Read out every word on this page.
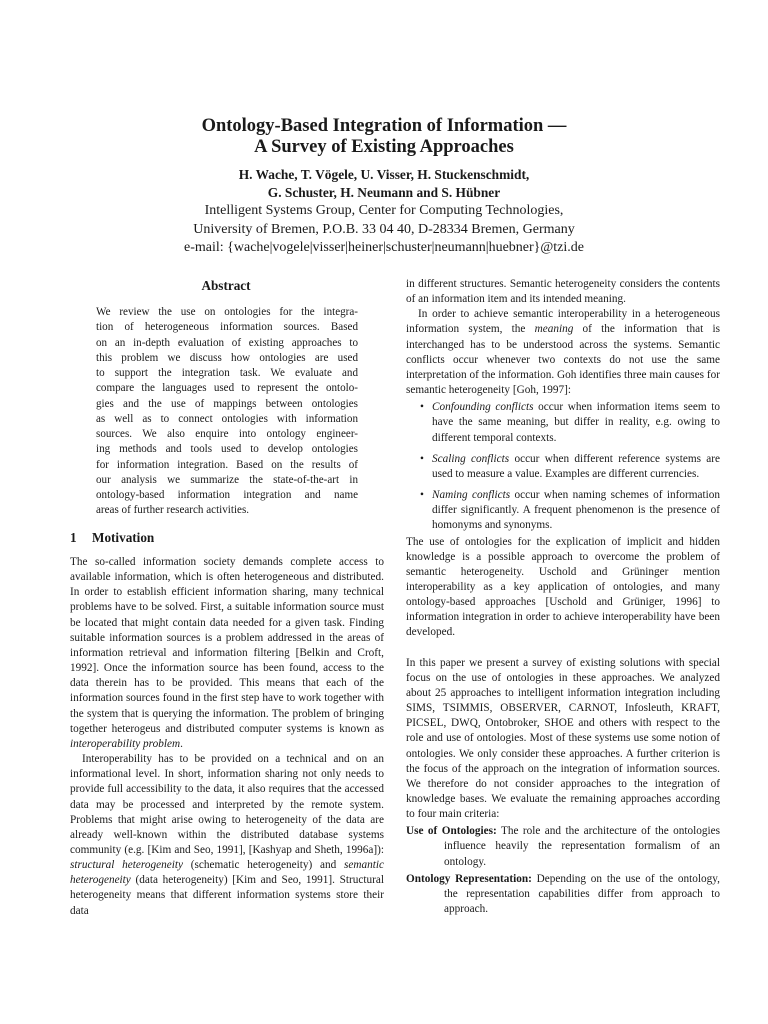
Ontology-Based Integration of Information —
A Survey of Existing Approaches
H. Wache, T. Vögele, U. Visser, H. Stuckenschmidt,
G. Schuster, H. Neumann and S. Hübner
Intelligent Systems Group, Center for Computing Technologies,
University of Bremen, P.O.B. 33 04 40, D-28334 Bremen, Germany
e-mail: {wache|vogele|visser|heiner|schuster|neumann|huebner}@tzi.de
Abstract
We review the use on ontologies for the integra-
tion of heterogeneous information sources. Based
on an in-depth evaluation of existing approaches to
this problem we discuss how ontologies are used
to support the integration task. We evaluate and
compare the languages used to represent the ontolo-
gies and the use of mappings between ontologies
as well as to connect ontologies with information
sources. We also enquire into ontology engineer-
ing methods and tools used to develop ontologies
for information integration. Based on the results of
our analysis we summarize the state-of-the-art in
ontology-based information integration and name
areas of further research activities.
1 Motivation

The so-called information society demands complete access to available information, which is often heterogeneous and distributed. In order to establish efficient information sharing, many technical problems have to be solved. First, a suitable information source must be located that might contain data needed for a given task. Finding suitable information sources is a problem addressed in the areas of information retrieval and information filtering [Belkin and Croft, 1992]. Once the information source has been found, access to the data therein has to be provided. This means that each of the information sources found in the first step have to work together with the system that is querying the information. The problem of bringing together heterogeus and distributed computer systems is known as interoperability problem.

Interoperability has to be provided on a technical and on an informational level. In short, information sharing not only needs to provide full accessibility to the data, it also requires that the accessed data may be processed and interpreted by the remote system. Problems that might arise owing to heterogeneity of the data are already well-known within the distributed database systems community (e.g. [Kim and Seo, 1991], [Kashyap and Sheth, 1996a]): structural heterogeneity (schematic heterogeneity) and semantic heterogeneity (data heterogeneity) [Kim and Seo, 1991]. Structural heterogeneity means that different information systems store their data

in different structures. Semantic heterogeneity considers the contents of an information item and its intended meaning.

In order to achieve semantic interoperability in a heterogeneous information system, the meaning of the information that is interchanged has to be understood across the systems. Semantic conflicts occur whenever two contexts do not use the same interpretation of the information. Goh identifies three main causes for semantic heterogeneity [Goh, 1997]:

• Confounding conflicts occur when information items seem to have the same meaning, but differ in reality, e.g. owing to different temporal contexts.
• Scaling conflicts occur when different reference systems are used to measure a value. Examples are different currencies.
• Naming conflicts occur when naming schemes of information differ significantly. A frequent phenomenon is the presence of homonyms and synonyms.

The use of ontologies for the explication of implicit and hidden knowledge is a possible approach to overcome the problem of semantic heterogeneity. Uschold and Grüninger mention interoperability as a key application of ontologies, and many ontology-based approaches [Uschold and Grüniger, 1996] to information integration in order to achieve interoperability have been developed.

In this paper we present a survey of existing solutions with special focus on the use of ontologies in these approaches. We analyzed about 25 approaches to intelligent information integration including SIMS, TSIMMIS, OBSERVER, CARNOT, Infosleuth, KRAFT, PICSEL, DWQ, Ontobroker, SHOE and others with respect to the role and use of ontologies. Most of these systems use some notion of ontologies. We only consider these approaches. A further criterion is the focus of the approach on the integration of information sources. We therefore do not consider approaches to the integration of knowledge bases. We evaluate the remaining approaches according to four main criteria:

Use of Ontologies: The role and the architecture of the ontologies influence heavily the representation formalism of an ontology.

Ontology Representation: Depending on the use of the ontology, the representation capabilities differ from approach to approach.
